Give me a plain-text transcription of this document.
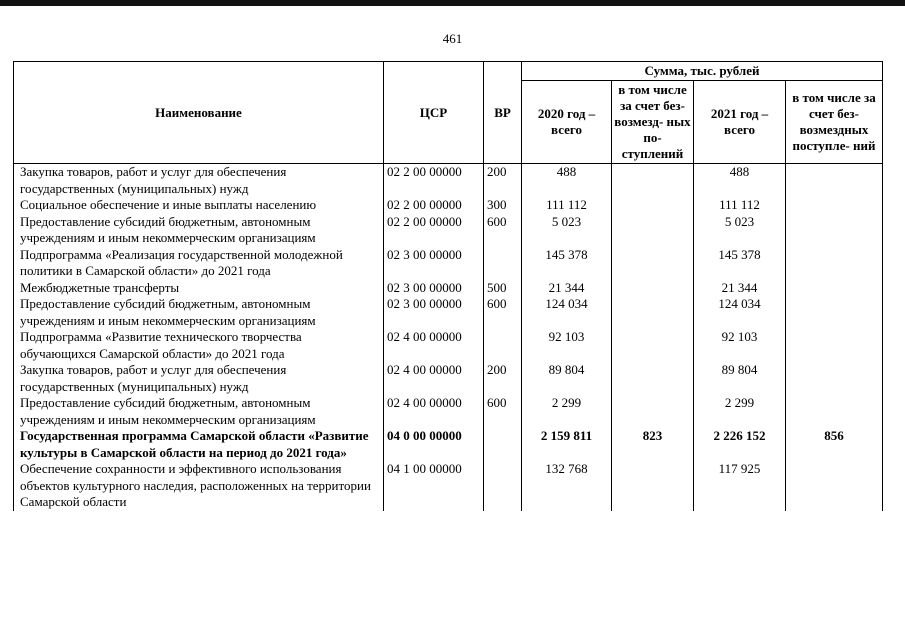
461
Наименование	ЦСР	ВР	Сумма, тыс. рублей			
			2020 год – всего	в том числе за счет без- возмезд- ных по- ступлений	2021 год – всего	в том числе за счет без- возмездных поступле- ний
Закупка товаров, работ и услуг для обеспечения государственных (муниципальных) нужд	02 2 00 00000	200	488		488	
Социальное обеспечение и иные выплаты населению	02 2 00 00000	300	111 112		111 112	
Предоставление субсидий бюджетным, автономным учреждениям и иным некоммерческим организациям	02 2 00 00000	600	5 023		5 023	
Подпрограмма «Реализация государственной молодежной политики в Самарской области» до 2021 года	02 3 00 00000		145 378		145 378	
Межбюджетные трансферты	02 3 00 00000	500	21 344		21 344	
Предоставление субсидий бюджетным, автономным учреждениям и иным некоммерческим организациям	02 3 00 00000	600	124 034		124 034	
Подпрограмма «Развитие технического творчества обучающихся Самарской области» до 2021 года	02 4 00 00000		92 103		92 103	
Закупка товаров, работ и услуг для обеспечения государственных (муниципальных) нужд	02 4 00 00000	200	89 804		89 804	
Предоставление субсидий бюджетным, автономным учреждениям и иным некоммерческим организациям	02 4 00 00000	600	2 299		2 299	
Государственная программа Самарской области «Развитие культуры в Самарской области на период до 2021 года»	04 0 00 00000		2 159 811	823	2 226 152	856
Обеспечение сохранности и эффективного использования объектов культурного наследия, расположенных на территории Самарской области	04 1 00 00000		132 768		117 925	
